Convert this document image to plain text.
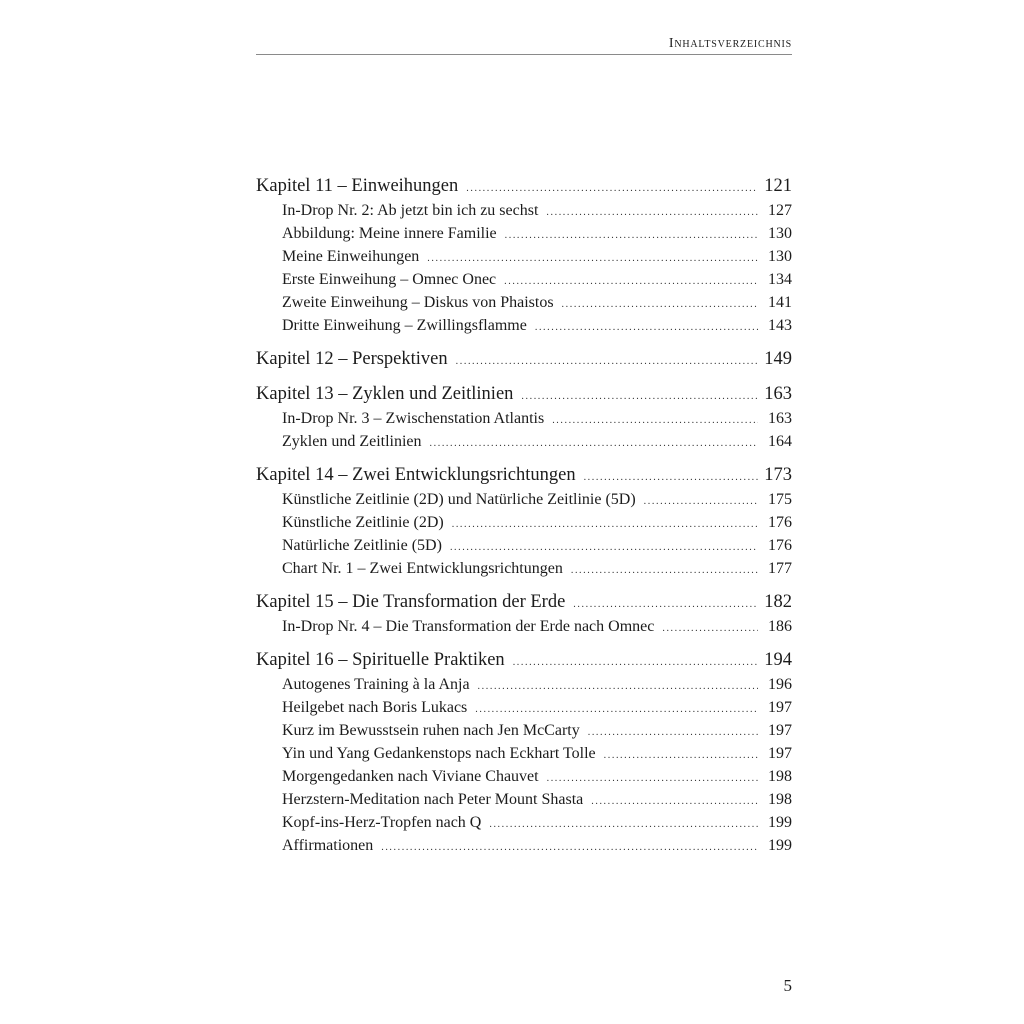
Inhaltsverzeichnis
Kapitel 11 – Einweihungen .....	121
In-Drop Nr. 2: Ab jetzt bin ich zu sechst .....	127
Abbildung: Meine innere Familie .....	130
Meine Einweihungen .....	130
Erste Einweihung – Omnec Onec .....	134
Zweite Einweihung – Diskus von Phaistos .....	141
Dritte Einweihung – Zwillingsflamme .....	143
Kapitel 12 – Perspektiven .....	149
Kapitel 13 – Zyklen und Zeitlinien .....	163
In-Drop Nr. 3 – Zwischenstation Atlantis .....	163
Zyklen und Zeitlinien .....	164
Kapitel 14 – Zwei Entwicklungsrichtungen .....	173
Künstliche Zeitlinie (2D) und Natürliche Zeitlinie (5D) .....	175
Künstliche Zeitlinie (2D) .....	176
Natürliche Zeitlinie (5D) .....	176
Chart Nr. 1 – Zwei Entwicklungsrichtungen .....	177
Kapitel 15 – Die Transformation der Erde .....	182
In-Drop Nr. 4 – Die Transformation der Erde nach Omnec .....	186
Kapitel 16 – Spirituelle Praktiken .....	194
Autogenes Training à la Anja .....	196
Heilgebet nach Boris Lukacs .....	197
Kurz im Bewusstsein ruhen nach Jen McCarty .....	197
Yin und Yang Gedankenstops nach Eckhart Tolle .....	197
Morgengedanken nach Viviane Chauvet .....	198
Herzstern-Meditation nach Peter Mount Shasta .....	198
Kopf-ins-Herz-Tropfen nach Q .....	199
Affirmationen .....	199
5
